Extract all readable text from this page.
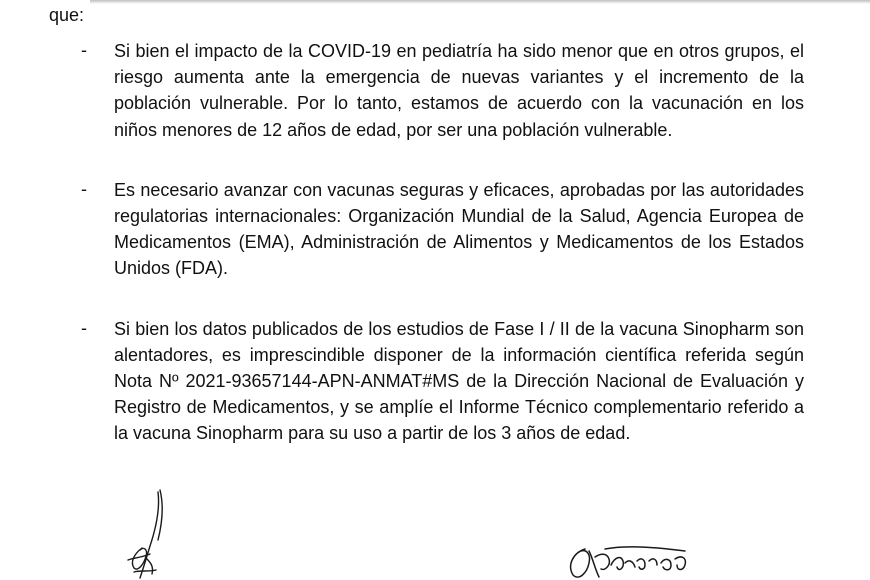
que:
-	Si bien el impacto de la COVID-19 en pediatría ha sido menor que en otros grupos, el riesgo aumenta ante la emergencia de nuevas variantes y el incremento de la población vulnerable. Por lo tanto, estamos de acuerdo con la vacunación en los niños menores de 12 años de edad, por ser una población vulnerable.
-	Es necesario avanzar con vacunas seguras y eficaces, aprobadas por las autoridades regulatorias internacionales: Organización Mundial de la Salud, Agencia Europea de Medicamentos (EMA), Administración de Alimentos y Medicamentos de los Estados Unidos (FDA).
-	Si bien los datos publicados de los estudios de Fase I / II de la vacuna Sinopharm son alentadores, es imprescindible disponer de la información científica referida según Nota Nº 2021-93657144-APN-ANMAT#MS de la Dirección Nacional de Evaluación y Registro de Medicamentos, y se amplíe el Informe Técnico complementario referido a la vacuna Sinopharm para su uso a partir de los 3 años de edad.
